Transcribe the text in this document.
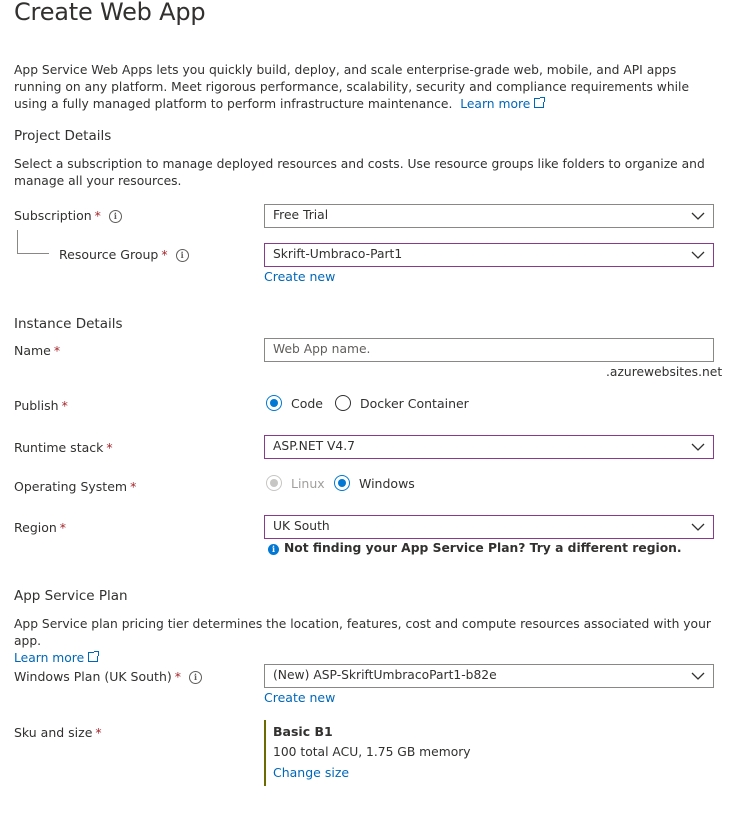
Create Web App
App Service Web Apps lets you quickly build, deploy, and scale enterprise-grade web, mobile, and API apps running on any platform. Meet rigorous performance, scalability, security and compliance requirements while using a fully managed platform to perform infrastructure maintenance. Learn more
Project Details
Select a subscription to manage deployed resources and costs. Use resource groups like folders to organize and manage all your resources.
Subscription * i	Free Trial
Resource Group * i	Skrift-Umbraco-Part1
Create new
Instance Details
Name *	Web App name.
.azurewebsites.net
Publish *	Code	Docker Container
Runtime stack *	ASP.NET V4.7
Operating System *	Linux	Windows
Region *	UK South
i Not finding your App Service Plan? Try a different region.
App Service Plan
App Service plan pricing tier determines the location, features, cost and compute resources associated with your app.
Learn more
Windows Plan (UK South) * i	(New) ASP-SkriftUmbracoPart1-b82e
Create new
Sku and size *	Basic B1
100 total ACU, 1.75 GB memory
Change size
